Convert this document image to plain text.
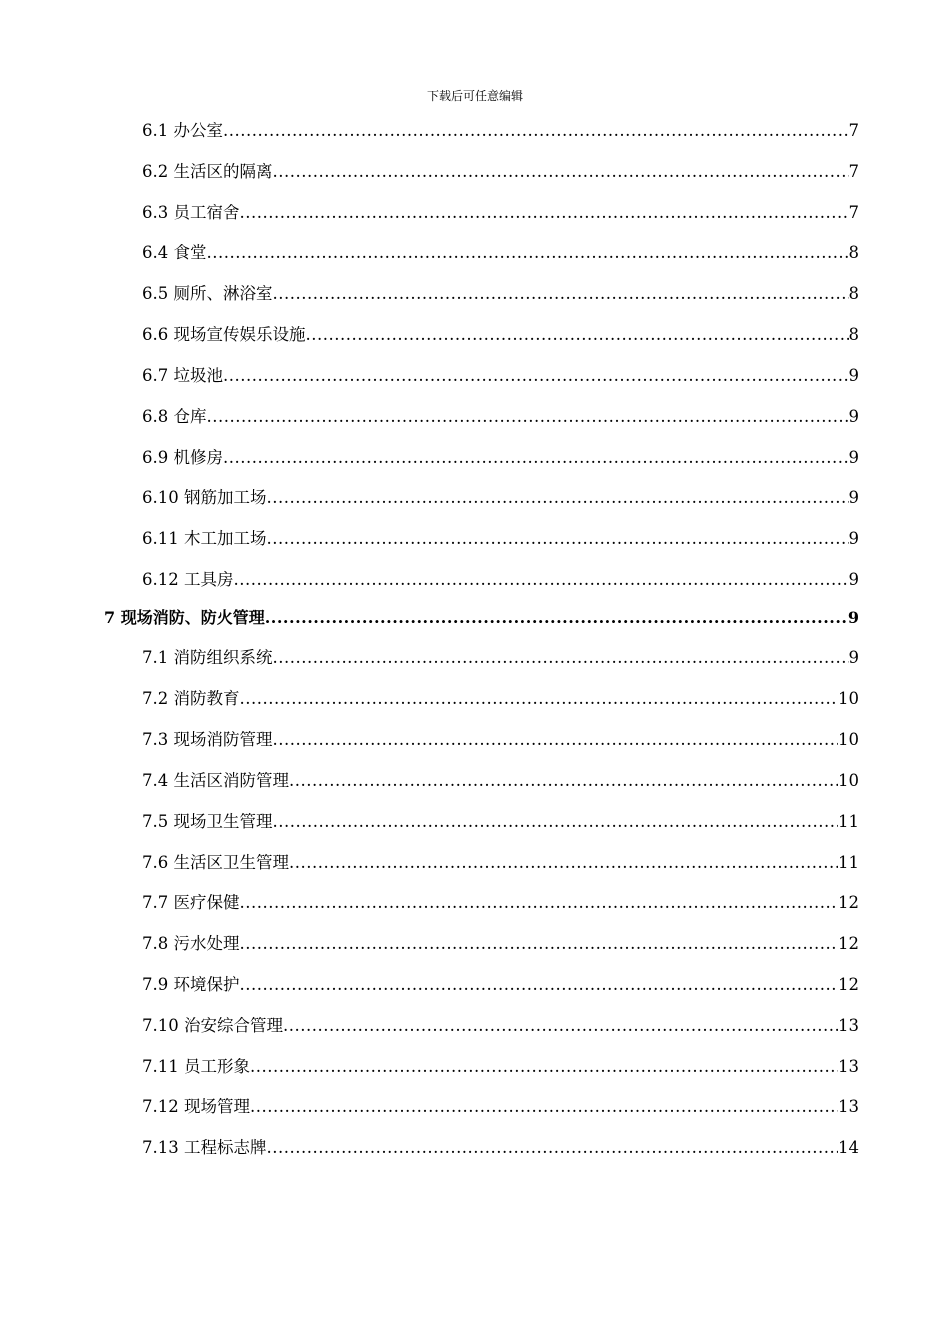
下载后可任意编辑
6.1 办公室 .....	7
6.2 生活区的隔离 .....	7
6.3 员工宿舍 .....	7
6.4 食堂 .....	8
6.5 厕所、淋浴室 .....	8
6.6 现场宣传娱乐设施 .....	8
6.7 垃圾池 .....	9
6.8 仓库 .....	9
6.9 机修房 .....	9
6.10 钢筋加工场 .....	9
6.11 木工加工场 .....	9
6.12 工具房 .....	9
7 现场消防、防火管理 .....	9
7.1 消防组织系统 .....	9
7.2 消防教育 .....	10
7.3 现场消防管理 .....	10
7.4 生活区消防管理 .....	10
7.5 现场卫生管理 .....	11
7.6 生活区卫生管理 .....	11
7.7 医疗保健 .....	12
7.8 污水处理 .....	12
7.9 环境保护 .....	12
7.10 治安综合管理 .....	13
7.11 员工形象 .....	13
7.12 现场管理 .....	13
7.13 工程标志牌 .....	14
